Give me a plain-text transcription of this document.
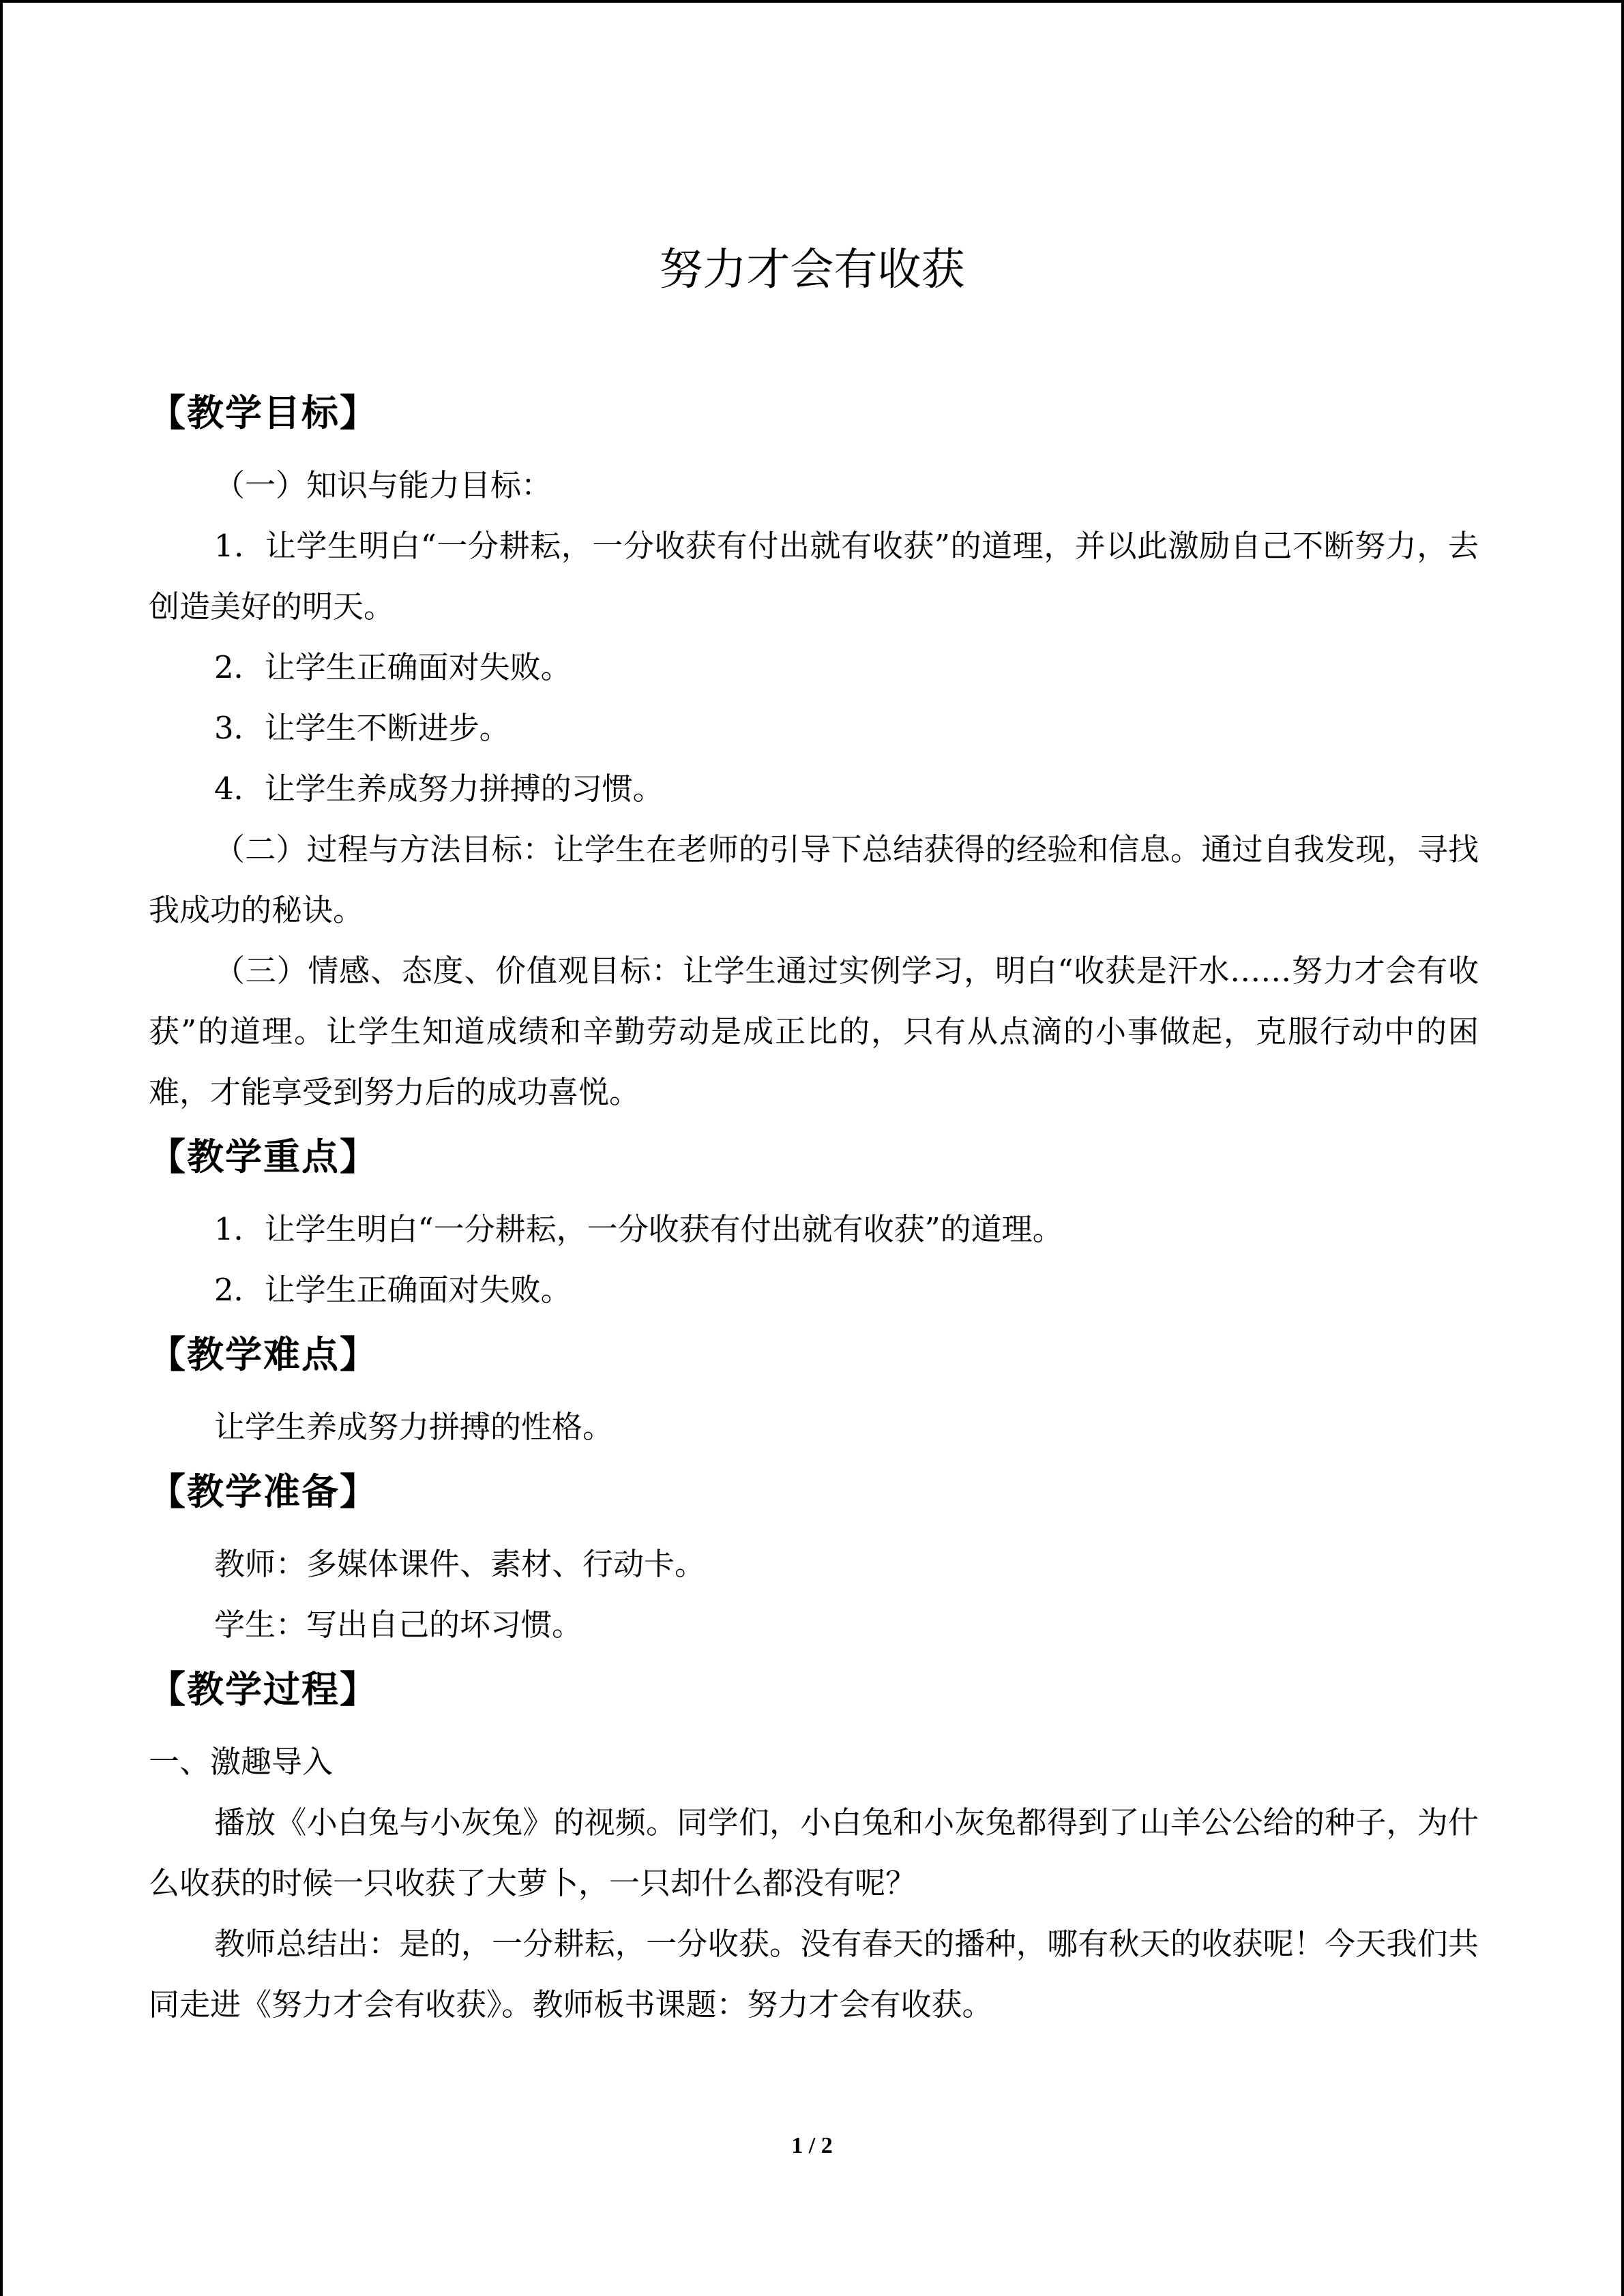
努力才会有收获
【教学目标】

（一）知识与能力目标：

1．让学生明白“一分耕耘，一分收获有付出就有收获”的道理，并以此激励自己不断努力，去创造美好的明天。

2．让学生正确面对失败。

3．让学生不断进步。

4．让学生养成努力拼搏的习惯。

（二）过程与方法目标：让学生在老师的引导下总结获得的经验和信息。通过自我发现，寻找我成功的秘诀。

（三）情感、态度、价值观目标：让学生通过实例学习，明白“收获是汗水……努力才会有收获”的道理。让学生知道成绩和辛勤劳动是成正比的，只有从点滴的小事做起，克服行动中的困难，才能享受到努力后的成功喜悦。

【教学重点】

1．让学生明白“一分耕耘，一分收获有付出就有收获”的道理。

2．让学生正确面对失败。

【教学难点】

让学生养成努力拼搏的性格。

【教学准备】

教师：多媒体课件、素材、行动卡。

学生：写出自己的坏习惯。

【教学过程】

一、激趣导入

播放《小白兔与小灰兔》的视频。同学们，小白兔和小灰兔都得到了山羊公公给的种子，为什么收获的时候一只收获了大萝卜，一只却什么都没有呢？

教师总结出：是的，一分耕耘，一分收获。没有春天的播种，哪有秋天的收获呢！今天我们共同走进《努力才会有收获》。教师板书课题：努力才会有收获。

1 / 2
